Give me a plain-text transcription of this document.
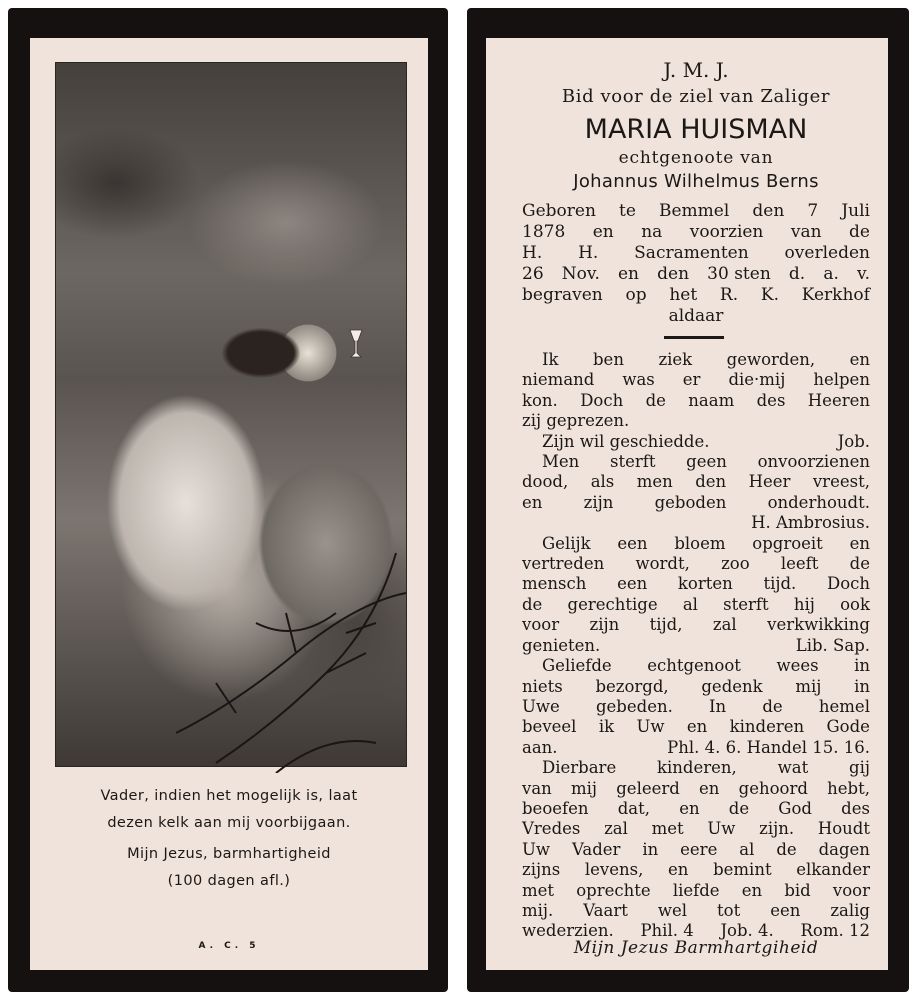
Vader, indien het mogelijk is, laat
dezen kelk aan mij voorbijgaan.
Mijn Jezus, barmhartigheid
(100 dagen afl.)
A. C. 5
J. M. J.
Bid voor de ziel van Zaliger
MARIA HUISMAN
echtgenoote van
Johannus Wilhelmus Berns
Geboren te Bemmel den 7 Juli
1878 en na voorzien van de
H. H. Sacramenten overleden
26 Nov. en den 30 sten d. a. v.
begraven op het R. K. Kerkhof
aldaar
Ik ben ziek geworden, en
niemand was er die·mij helpen
kon. Doch de naam des Heeren
zij geprezen.
Zijn wil geschiedde.	Job.
Men sterft geen onvoorzienen
dood, als men den Heer vreest,
en zijn geboden onderhoudt.
H. Ambrosius.
Gelijk een bloem opgroeit en
vertreden wordt, zoo leeft de
mensch een korten tijd. Doch
de gerechtige al sterft hij ook
voor zijn tijd, zal verkwikking
genieten.	Lib. Sap.
Geliefde echtgenoot wees in
niets bezorgd, gedenk mij in
Uwe gebeden. In de hemel
beveel ik Uw en kinderen Gode
aan.	Phl. 4. 6. Handel 15. 16.
Dierbare kinderen, wat gij
van mij geleerd en gehoord hebt,
beoefen dat, en de God des
Vredes zal met Uw zijn. Houdt
Uw Vader in eere al de dagen
zijns levens, en bemint elkander
met oprechte liefde en bid voor
mij. Vaart wel tot een zalig
wederzien. Phil. 4 Job. 4. Rom. 12
Mijn Jezus Barmhartgiheid
